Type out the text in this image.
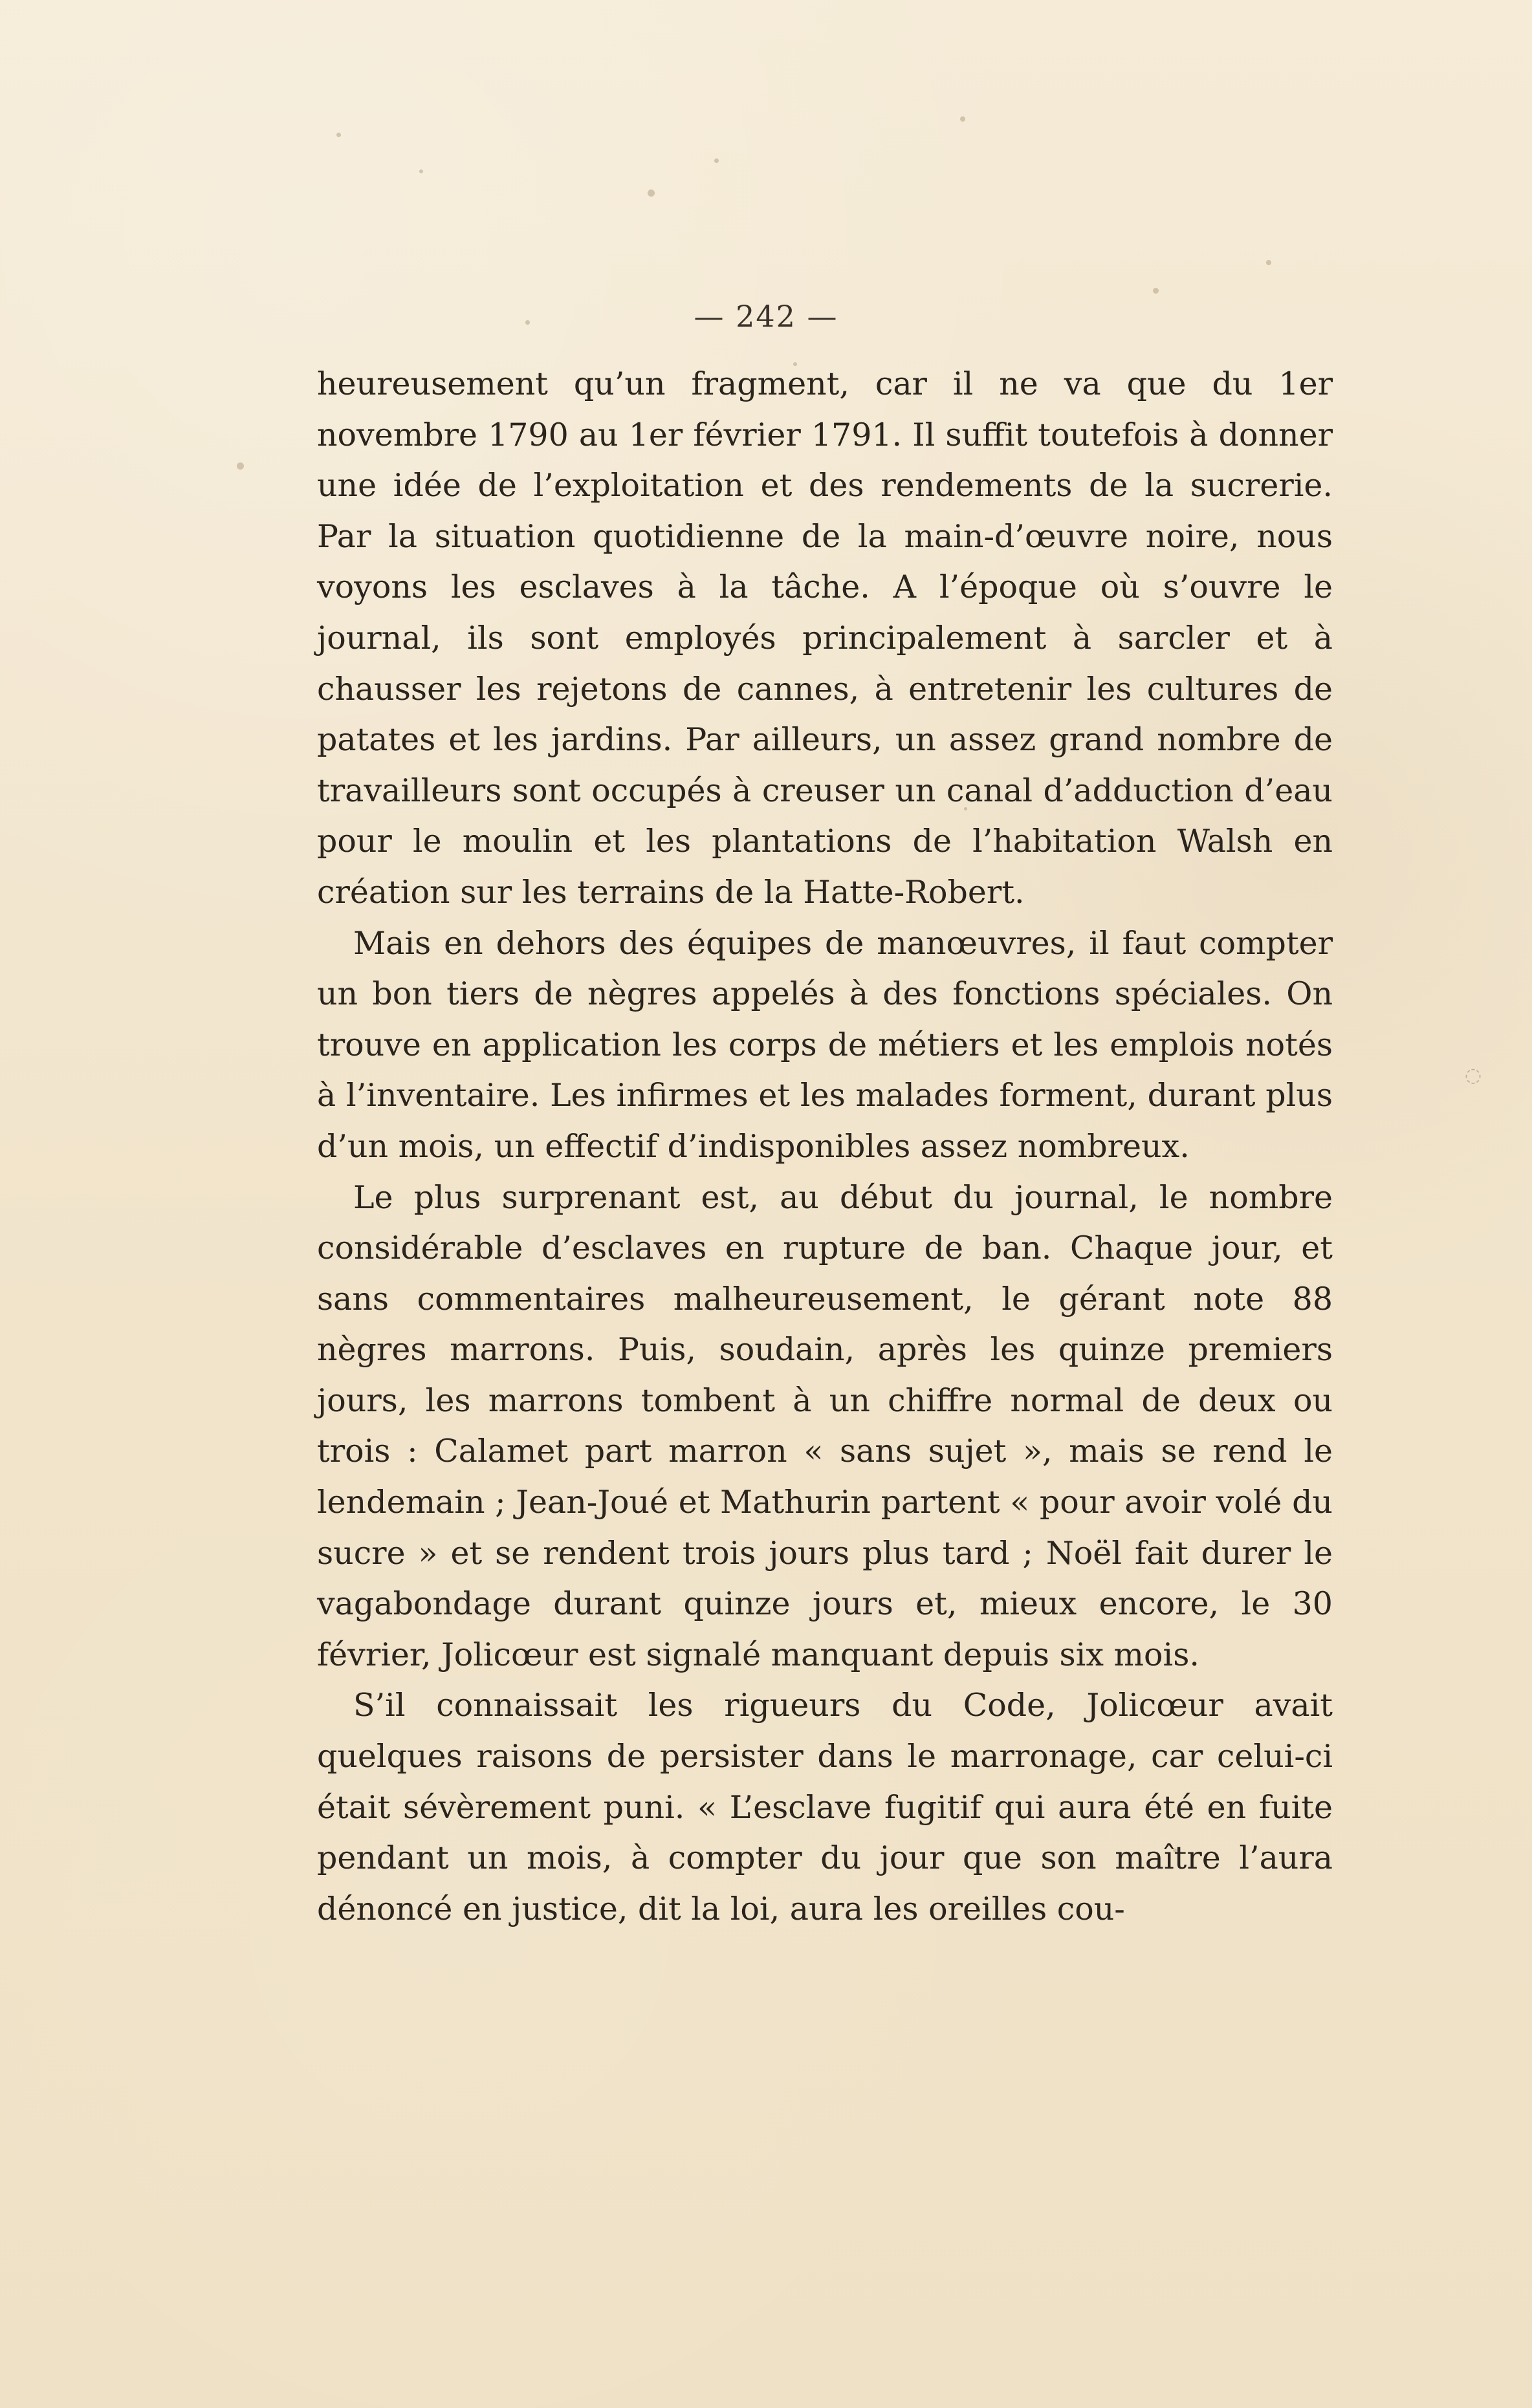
◌
— 242 —

heureusement qu’un fragment, car il ne va que du 1er novembre 1790 au 1er février 1791. Il suffit toutefois à donner une idée de l’exploitation et des rendements de la sucrerie. Par la situation quotidienne de la main-d’œuvre noire, nous voyons les esclaves à la tâche. A l’époque où s’ouvre le journal, ils sont employés principalement à sarcler et à chausser les rejetons de cannes, à entretenir les cultures de patates et les jardins. Par ailleurs, un assez grand nombre de travailleurs sont occupés à creuser un canal d’adduction d’eau pour le moulin et les plantations de l’habitation Walsh en création sur les terrains de la Hatte-Robert.

Mais en dehors des équipes de manœuvres, il faut compter un bon tiers de nègres appelés à des fonctions spéciales. On trouve en application les corps de métiers et les emplois notés à l’inventaire. Les infirmes et les malades forment, durant plus d’un mois, un effectif d’indisponibles assez nombreux.

Le plus surprenant est, au début du journal, le nombre considérable d’esclaves en rupture de ban. Chaque jour, et sans commentaires malheureusement, le gérant note 88 nègres marrons. Puis, soudain, après les quinze premiers jours, les marrons tombent à un chiffre normal de deux ou trois : Calamet part marron « sans sujet », mais se rend le lendemain ; Jean-Joué et Mathurin partent « pour avoir volé du sucre » et se rendent trois jours plus tard ; Noël fait durer le vagabondage durant quinze jours et, mieux encore, le 30 février, Jolicœur est signalé manquant depuis six mois.

S’il connaissait les rigueurs du Code, Jolicœur avait quelques raisons de persister dans le marronage, car celui-ci était sévèrement puni. « L’esclave fugitif qui aura été en fuite pendant un mois, à compter du jour que son maître l’aura dénoncé en justice, dit la loi, aura les oreilles cou-
